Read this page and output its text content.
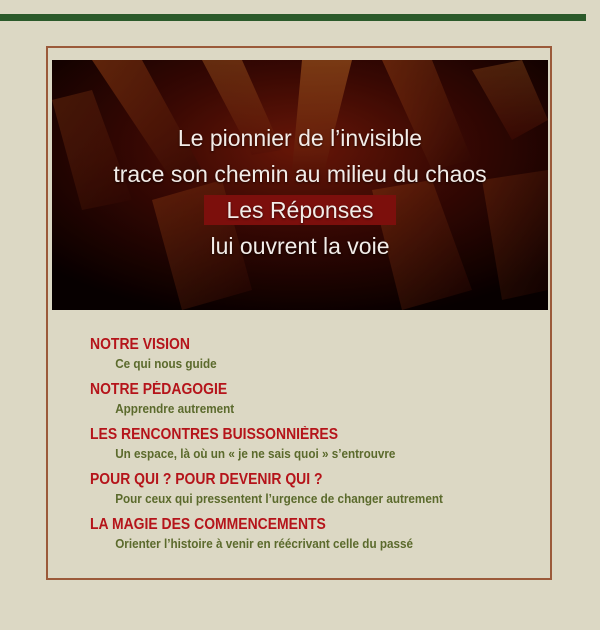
Le pionnier de l’invisible
trace son chemin au milieu du chaos
Les Réponses
lui ouvrent la voie
NOTRE VISION
Ce qui nous guide
NOTRE PÉDAGOGIE
Apprendre autrement
LES RENCONTRES BUISSONNIÈRES
Un espace, là où un « je ne sais quoi » s’entrouvre
POUR QUI ? POUR DEVENIR QUI ?
Pour ceux qui pressentent l’urgence de changer autrement
LA MAGIE DES COMMENCEMENTS
Orienter l’histoire à venir en réécrivant celle du passé
